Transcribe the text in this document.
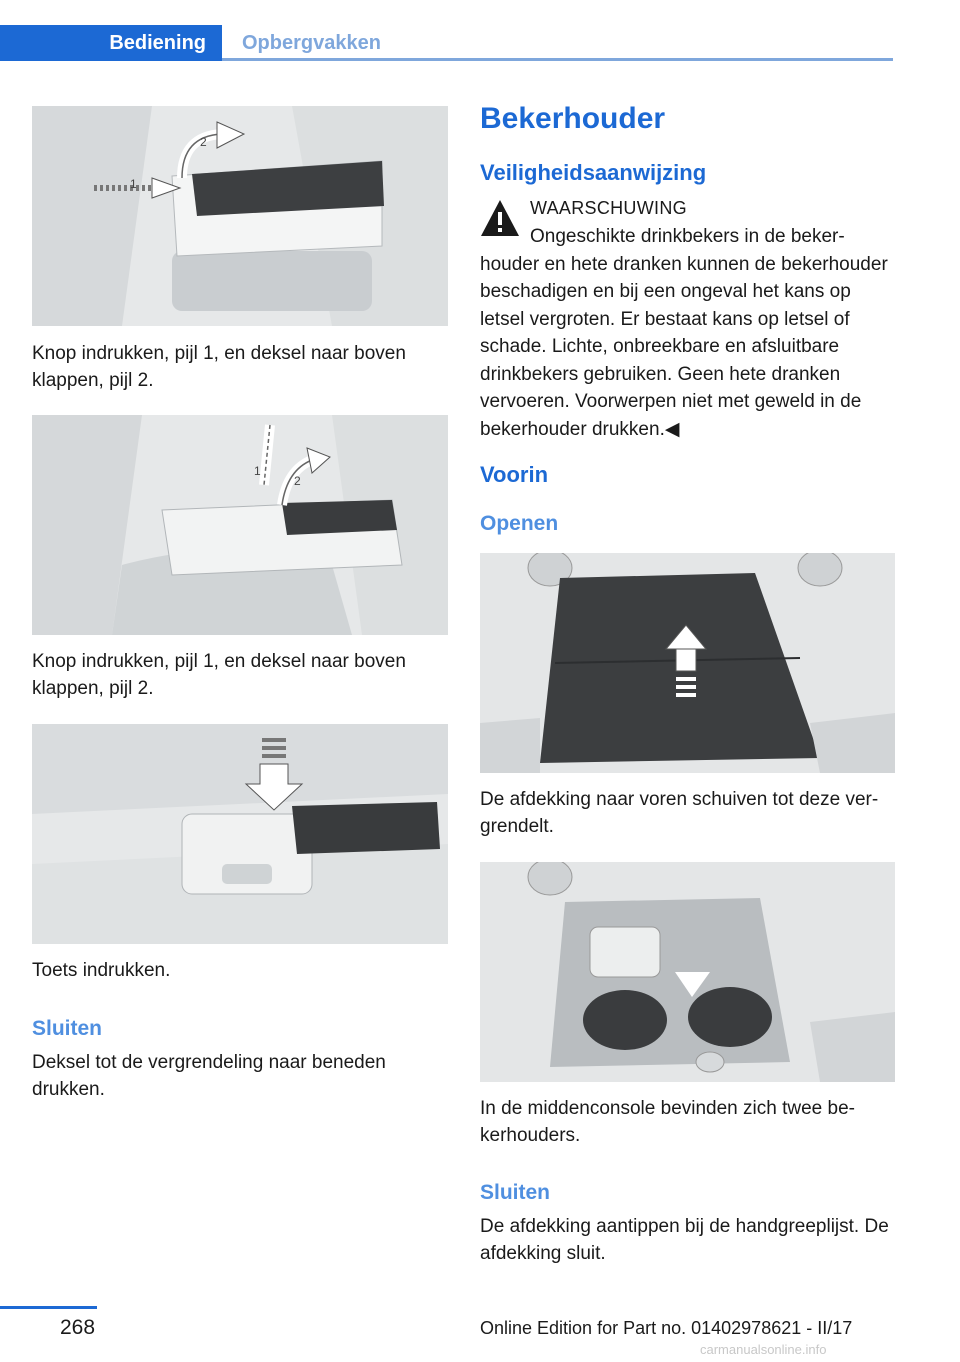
Bediening	Opbergvakken
1
2
Knop indrukken, pijl 1, en deksel naar boven klappen, pijl 2.
1
2
Knop indrukken, pijl 1, en deksel naar boven klappen, pijl 2.
Toets indrukken.
Sluiten
Deksel tot de vergrendeling naar beneden drukken.
Bekerhouder
Veiligheidsaanwijzing
WAARSCHUWING
Ongeschikte drinkbekers in de bekerhouder en hete dranken kunnen de bekerhouder beschadigen en bij een ongeval het kans op letsel vergroten. Er bestaat kans op letsel of schade. Lichte, onbreekbare en afsluitbare drinkbekers gebruiken. Geen hete dranken vervoeren. Voorwerpen niet met geweld in de bekerhouder drukken.◀
Voorin
Openen
De afdekking naar voren schuiven tot deze vergrendelt.
In de middenconsole bevinden zich twee bekerhouders.
Sluiten
De afdekking aantippen bij de handgreeplijst. De afdekking sluit.
268	Online Edition for Part no. 01402978621 - II/17
carmanualsonline.info
